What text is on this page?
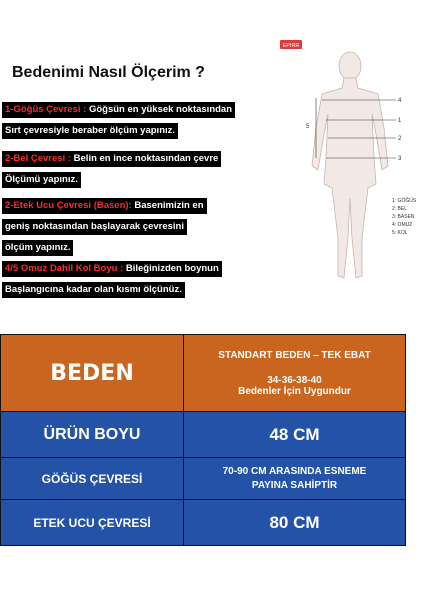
Bedenimi Nasıl Ölçerim ?
1-Göğüs Çevresi : Göğsün en yüksek noktasından
Sırt çevresiyle beraber ölçüm yapınız.
2-Bel Çevresi : Belin en ince noktasından çevre
Ölçümü yapınız.
2-Etek Ucu Çevresi (Basen): Basenimizin en
geniş noktasından başlayarak çevresini
ölçüm yapınız.
4/5 Omuz Dahil Kol Boyu : Bileğinizden boynun
Başlangıcına kadar olan kısmı ölçünüz.
EPIRR
4
1
5
2
3
1: GÖĞÜS
2: BEL
3: BASEN
4: OMUZ
5: KOL
BEDEN	STANDART BEDEN – TEK EBAT
34-36-38-40
Bedenler İçin Uygundur

ÜRÜN BOYU	48 CM
GÖĞÜS ÇEVRESİ	70-90 CM ARASINDA ESNEME
PAYINA SAHİPTİR

ETEK UCU ÇEVRESİ	80 CM
